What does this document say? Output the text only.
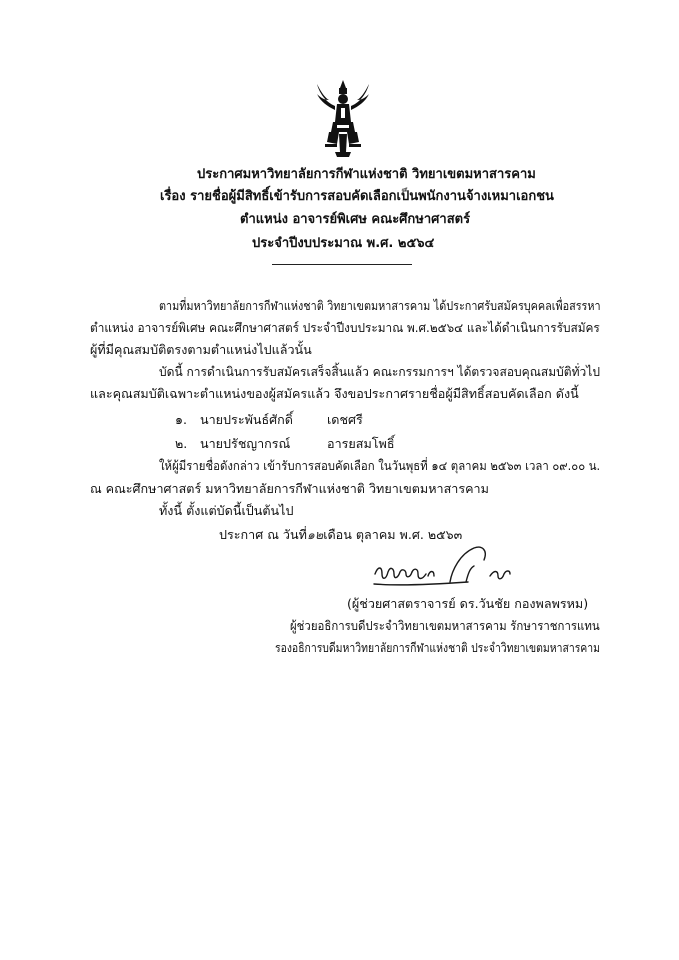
ประกาศมหาวิทยาลัยการกีฬาแห่งชาติ วิทยาเขตมหาสารคาม
เรื่อง รายชื่อผู้มีสิทธิ์เข้ารับการสอบคัดเลือกเป็นพนักงานจ้างเหมาเอกชน
ตำแหน่ง อาจารย์พิเศษ คณะศึกษาศาสตร์
ประจำปีงบประมาณ พ.ศ. ๒๕๖๔
ตามที่มหาวิทยาลัยการกีฬาแห่งชาติ วิทยาเขตมหาสารคาม ได้ประกาศรับสมัครบุคคลเพื่อสรรหา
ตำแหน่ง อาจารย์พิเศษ คณะศึกษาศาสตร์ ประจำปีงบประมาณ พ.ศ.๒๕๖๔ และได้ดำเนินการรับสมัคร
ผู้ที่มีคุณสมบัติตรงตามตำแหน่งไปแล้วนั้น
บัดนี้ การดำเนินการรับสมัครเสร็จสิ้นแล้ว คณะกรรมการฯ ได้ตรวจสอบคุณสมบัติทั่วไป
และคุณสมบัติเฉพาะตำแหน่งของผู้สมัครแล้ว จึงขอประกาศรายชื่อผู้มีสิทธิ์สอบคัดเลือก ดังนี้
๑. นายประพันธ์ศักดิ์	เดชศรี
๒. นายปรัชญากรณ์	อารยสมโพธิ์
ให้ผู้มีรายชื่อดังกล่าว เข้ารับการสอบคัดเลือก ในวันพุธที่ ๑๔ ตุลาคม ๒๕๖๓ เวลา ๐๙.๐๐ น.
ณ คณะศึกษาศาสตร์ มหาวิทยาลัยการกีฬาแห่งชาติ วิทยาเขตมหาสารคาม
ทั้งนี้ ตั้งแต่บัดนี้เป็นต้นไป
ประกาศ ณ วันที่๑๒เดือน ตุลาคม พ.ศ. ๒๕๖๓
(ผู้ช่วยศาสตราจารย์ ดร.วันชัย กองพลพรหม)
ผู้ช่วยอธิการบดีประจำวิทยาเขตมหาสารคาม รักษาราชการแทน
รองอธิการบดีมหาวิทยาลัยการกีฬาแห่งชาติ ประจำวิทยาเขตมหาสารคาม
